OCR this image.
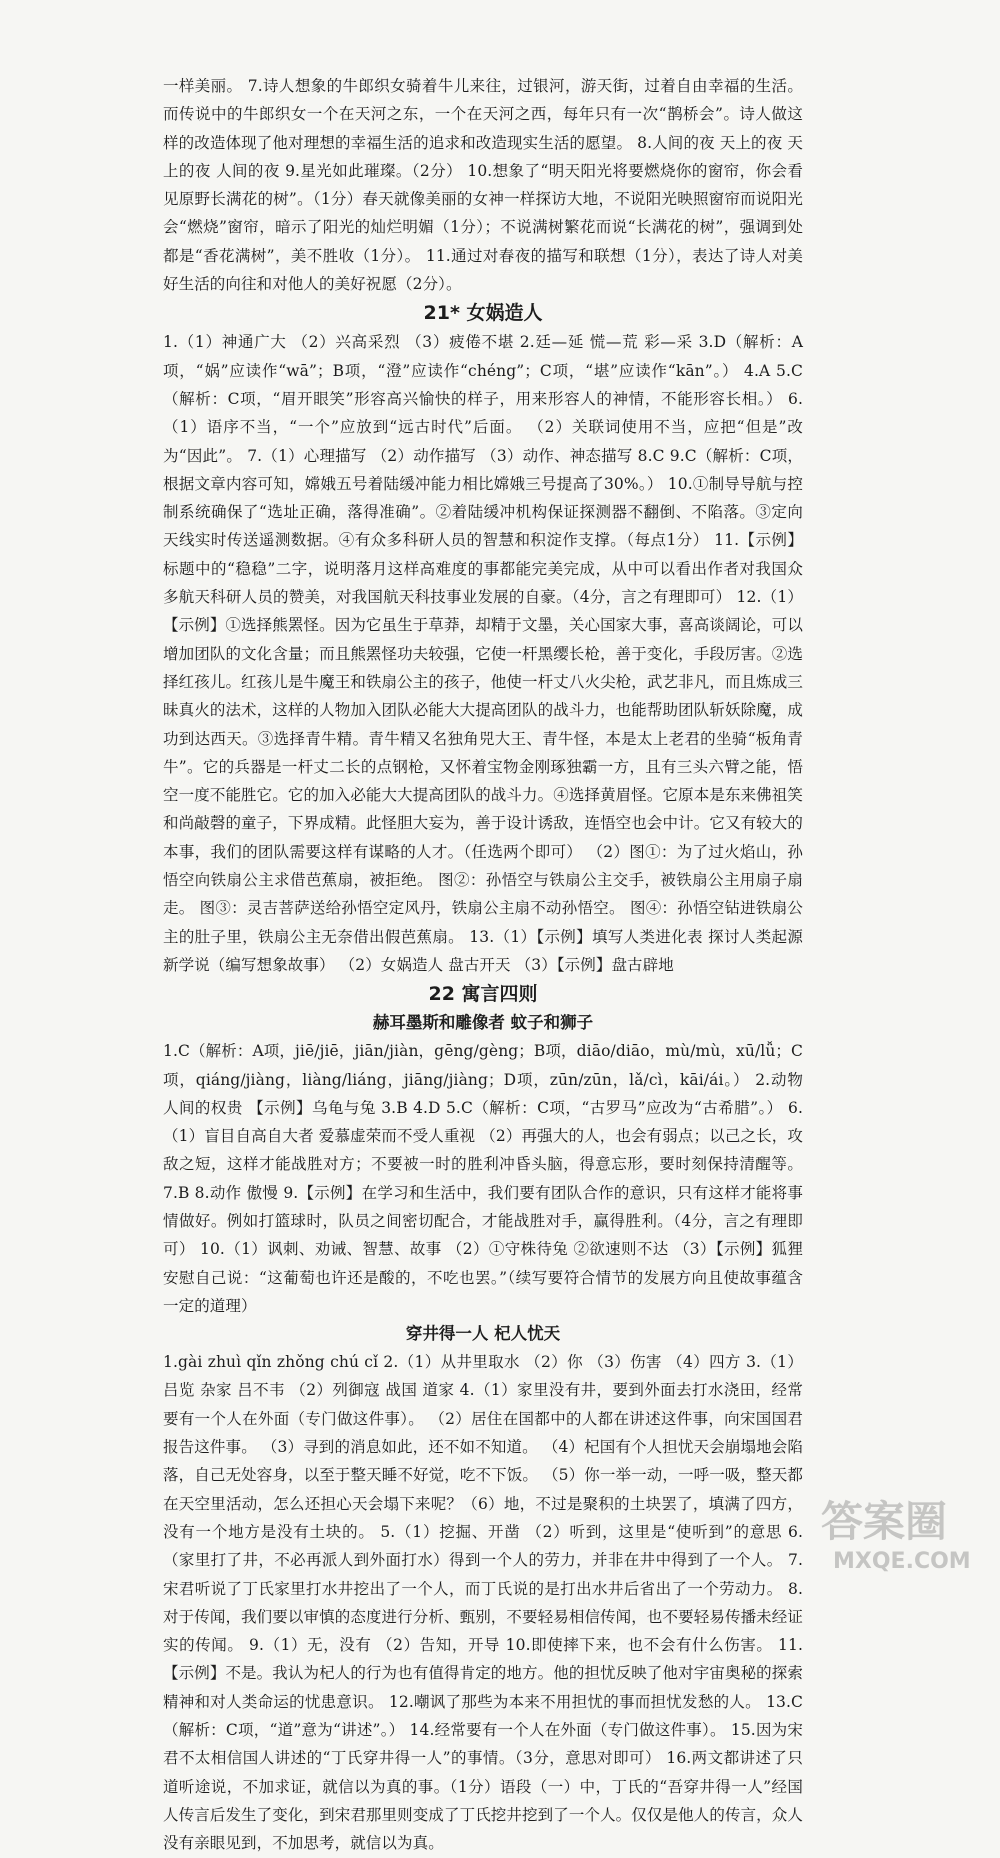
一样美丽。 7.诗人想象的牛郎织女骑着牛儿来往，过银河，游天街，过着自由幸福的生活。而传说中的牛郎织女一个在天河之东，一个在天河之西，每年只有一次“鹊桥会”。诗人做这样的改造体现了他对理想的幸福生活的追求和改造现实生活的愿望。 8.人间的夜 天上的夜 天上的夜 人间的夜 9.星光如此璀璨。（2分） 10.想象了“明天阳光将要燃烧你的窗帘，你会看见原野长满花的树”。（1分）春天就像美丽的女神一样探访大地，不说阳光映照窗帘而说阳光会“燃烧”窗帘，暗示了阳光的灿烂明媚（1分）；不说满树繁花而说“长满花的树”，强调到处都是“香花满树”，美不胜收（1分）。 11.通过对春夜的描写和联想（1分），表达了诗人对美好生活的向往和对他人的美好祝愿（2分）。

21* 女娲造人

1.（1）神通广大 （2）兴高采烈 （3）疲倦不堪 2.廷—延 慌—荒 彩—采 3.D（解析：A项，“娲”应读作“wā”；B项，“澄”应读作“chéng”；C项，“堪”应读作“kān”。） 4.A 5.C（解析：C项，“眉开眼笑”形容高兴愉快的样子，用来形容人的神情，不能形容长相。） 6.（1）语序不当，“一个”应放到“远古时代”后面。 （2）关联词使用不当，应把“但是”改为“因此”。 7.（1）心理描写 （2）动作描写 （3）动作、神态描写 8.C 9.C（解析：C项，根据文章内容可知，嫦娥五号着陆缓冲能力相比嫦娥三号提高了30%。） 10.①制导导航与控制系统确保了“选址正确，落得准确”。②着陆缓冲机构保证探测器不翻倒、不陷落。③定向天线实时传送遥测数据。④有众多科研人员的智慧和积淀作支撑。（每点1分） 11.【示例】标题中的“稳稳”二字，说明落月这样高难度的事都能完美完成，从中可以看出作者对我国众多航天科研人员的赞美，对我国航天科技事业发展的自豪。（4分，言之有理即可） 12.（1）【示例】①选择熊罴怪。因为它虽生于草莽，却精于文墨，关心国家大事，喜高谈阔论，可以增加团队的文化含量；而且熊罴怪功夫较强，它使一杆黑缨长枪，善于变化，手段厉害。②选择红孩儿。红孩儿是牛魔王和铁扇公主的孩子，他使一杆丈八火尖枪，武艺非凡，而且炼成三昧真火的法术，这样的人物加入团队必能大大提高团队的战斗力，也能帮助团队斩妖除魔，成功到达西天。③选择青牛精。青牛精又名独角兕大王、青牛怪，本是太上老君的坐骑“板角青牛”。它的兵器是一杆丈二长的点钢枪，又怀着宝物金刚琢独霸一方，且有三头六臂之能，悟空一度不能胜它。它的加入必能大大提高团队的战斗力。④选择黄眉怪。它原本是东来佛祖笑和尚敲磬的童子，下界成精。此怪胆大妄为，善于设计诱敌，连悟空也会中计。它又有较大的本事，我们的团队需要这样有谋略的人才。（任选两个即可） （2）图①：为了过火焰山，孙悟空向铁扇公主求借芭蕉扇，被拒绝。 图②：孙悟空与铁扇公主交手，被铁扇公主用扇子扇走。 图③：灵吉菩萨送给孙悟空定风丹，铁扇公主扇不动孙悟空。 图④：孙悟空钻进铁扇公主的肚子里，铁扇公主无奈借出假芭蕉扇。 13.（1）【示例】填写人类进化表 探讨人类起源新学说（编写想象故事） （2）女娲造人 盘古开天 （3）【示例】盘古辟地

22 寓言四则

赫耳墨斯和雕像者 蚊子和狮子

1.C（解析：A项，jiē/jiē，jiān/jiàn，gēng/gèng；B项，diāo/diāo，mù/mù，xū/lǚ；C项，qiáng/jiàng，liàng/liáng，jiāng/jiàng；D项，zūn/zūn，lǎ/cì，kāi/ái。） 2.动物 人间的权贵 【示例】乌龟与兔 3.B 4.D 5.C（解析：C项，“古罗马”应改为“古希腊”。） 6.（1）盲目自高自大者 爱慕虚荣而不受人重视 （2）再强大的人，也会有弱点；以己之长，攻敌之短，这样才能战胜对方；不要被一时的胜利冲昏头脑，得意忘形，要时刻保持清醒等。 7.B 8.动作 傲慢 9.【示例】在学习和生活中，我们要有团队合作的意识，只有这样才能将事情做好。例如打篮球时，队员之间密切配合，才能战胜对手，赢得胜利。（4分，言之有理即可） 10.（1）讽刺、劝诫、智慧、故事 （2）①守株待兔 ②欲速则不达 （3）【示例】狐狸安慰自己说：“这葡萄也许还是酸的，不吃也罢。”（续写要符合情节的发展方向且使故事蕴含一定的道理）

穿井得一人 杞人忧天

1.gài zhuì qǐn zhǒng chú cǐ 2.（1）从井里取水 （2）你 （3）伤害 （4）四方 3.（1）吕览 杂家 吕不韦 （2）列御寇 战国 道家 4.（1）家里没有井，要到外面去打水浇田，经常要有一个人在外面（专门做这件事）。 （2）居住在国都中的人都在讲述这件事，向宋国国君报告这件事。 （3）寻到的消息如此，还不如不知道。 （4）杞国有个人担忧天会崩塌地会陷落，自己无处容身，以至于整天睡不好觉，吃不下饭。 （5）你一举一动，一呼一吸，整天都在天空里活动，怎么还担心天会塌下来呢？（6）地，不过是聚积的土块罢了，填满了四方，没有一个地方是没有土块的。 5.（1）挖掘、开凿 （2）听到，这里是“使听到”的意思 6.（家里打了井，不必再派人到外面打水）得到一个人的劳力，并非在井中得到了一个人。 7.宋君听说了丁氏家里打水井挖出了一个人，而丁氏说的是打出水井后省出了一个劳动力。 8.对于传闻，我们要以审慎的态度进行分析、甄别，不要轻易相信传闻，也不要轻易传播未经证实的传闻。 9.（1）无，没有 （2）告知，开导 10.即使摔下来，也不会有什么伤害。 11.【示例】不是。我认为杞人的行为也有值得肯定的地方。他的担忧反映了他对宇宙奥秘的探索精神和对人类命运的忧患意识。 12.嘲讽了那些为本来不用担忧的事而担忧发愁的人。 13.C（解析：C项，“道”意为“讲述”。） 14.经常要有一个人在外面（专门做这件事）。 15.因为宋君不太相信国人讲述的“丁氏穿井得一人”的事情。（3分，意思对即可） 16.两文都讲述了只道听途说，不加求证，就信以为真的事。（1分）语段（一）中，丁氏的“吾穿井得一人”经国人传言后发生了变化，到宋君那里则变成了丁氏挖井挖到了一个人。仅仅是他人的传言，众人没有亲眼见到，不加思考，就信以为真。

答案圈
MXQE.COM
